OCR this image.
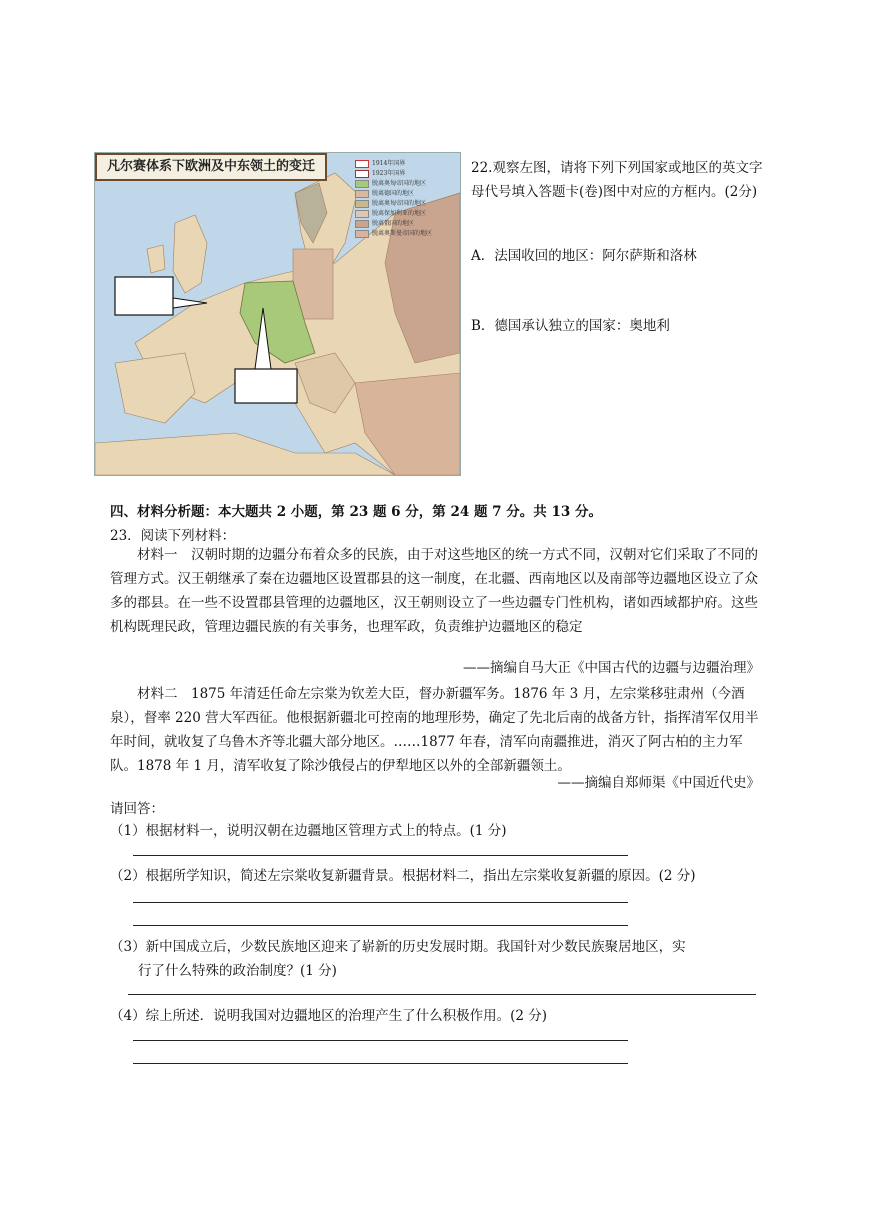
凡尔赛体系下欧洲及中东领土的变迁	1914年国界
1923年国界
脱离奥匈帝国的地区
脱离德国的地区
脱离奥匈帝国的地区
脱离保加利亚的地区
脱离俄国的地区
脱离奥斯曼帝国的地区
22.观察左图，请将下列下列国家或地区的英文字母代号填入答题卡(卷)图中对应的方框内。(2分)
A．法国收回的地区：阿尔萨斯和洛林
B．德国承认独立的国家：奥地利
四、材料分析题：本大题共 2 小题，第 23 题 6 分，第 24 题 7 分。共 13 分。
23．阅读下列材料：
材料一　汉朝时期的边疆分布着众多的民族，由于对这些地区的统一方式不同，汉朝对它们采取了不同的管理方式。汉王朝继承了秦在边疆地区设置郡县的这一制度，在北疆、西南地区以及南部等边疆地区设立了众多的郡县。在一些不设置郡县管理的边疆地区，汉王朝则设立了一些边疆专门性机构，诸如西域都护府。这些机构既理民政，管理边疆民族的有关事务，也理军政，负责维护边疆地区的稳定
——摘编自马大正《中国古代的边疆与边疆治理》
材料二　1875 年清廷任命左宗棠为钦差大臣，督办新疆军务。1876 年 3 月，左宗棠移驻肃州（今酒泉），督率 220 营大军西征。他根据新疆北可控南的地理形势，确定了先北后南的战备方针，指挥清军仅用半年时间，就收复了乌鲁木齐等北疆大部分地区。……1877 年春，清军向南疆推进，消灭了阿古柏的主力军队。1878 年 1 月，清军收复了除沙俄侵占的伊犁地区以外的全部新疆领土。
——摘编自郑师渠《中国近代史》
请回答：
（1）根据材料一，说明汉朝在边疆地区管理方式上的特点。(1 分)
（2）根据所学知识，简述左宗棠收复新疆背景。根据材料二，指出左宗棠收复新疆的原因。(2 分)
（3）新中国成立后，少数民族地区迎来了崭新的历史发展时期。我国针对少数民族聚居地区，实
行了什么特殊的政治制度？(1 分)
（4）综上所述．说明我国对边疆地区的治理产生了什么积极作用。(2 分)
